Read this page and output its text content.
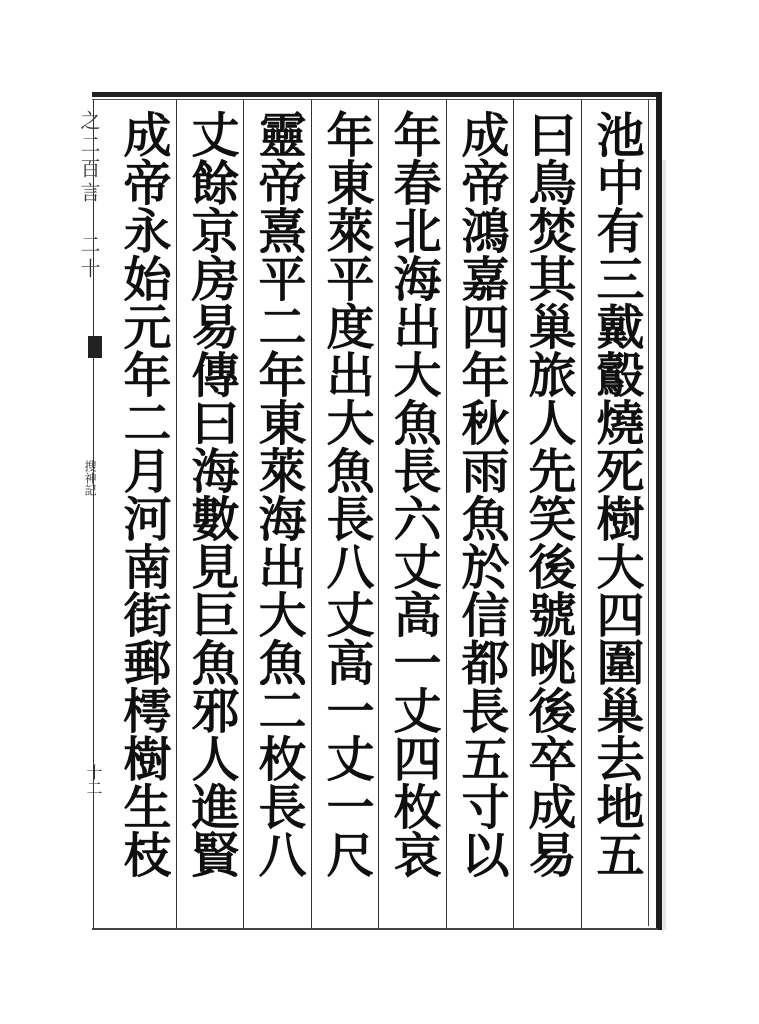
池中有三戴鷇燒死樹大四圍巢去地五
曰鳥焚其巢旅人先笑後號咷後卒成易
成帝鴻嘉四年秋雨魚於信都長五寸以
年春北海出大魚長六丈高一丈四枚哀
年東萊平度出大魚長八丈高一丈一尺
靈帝熹平二年東萊海出大魚二枚長八
丈餘京房易傳曰海數見巨魚邪人進賢
成帝永始元年二月河南街郵樗樹生枝
之二百言 二十
搜神記
十二
